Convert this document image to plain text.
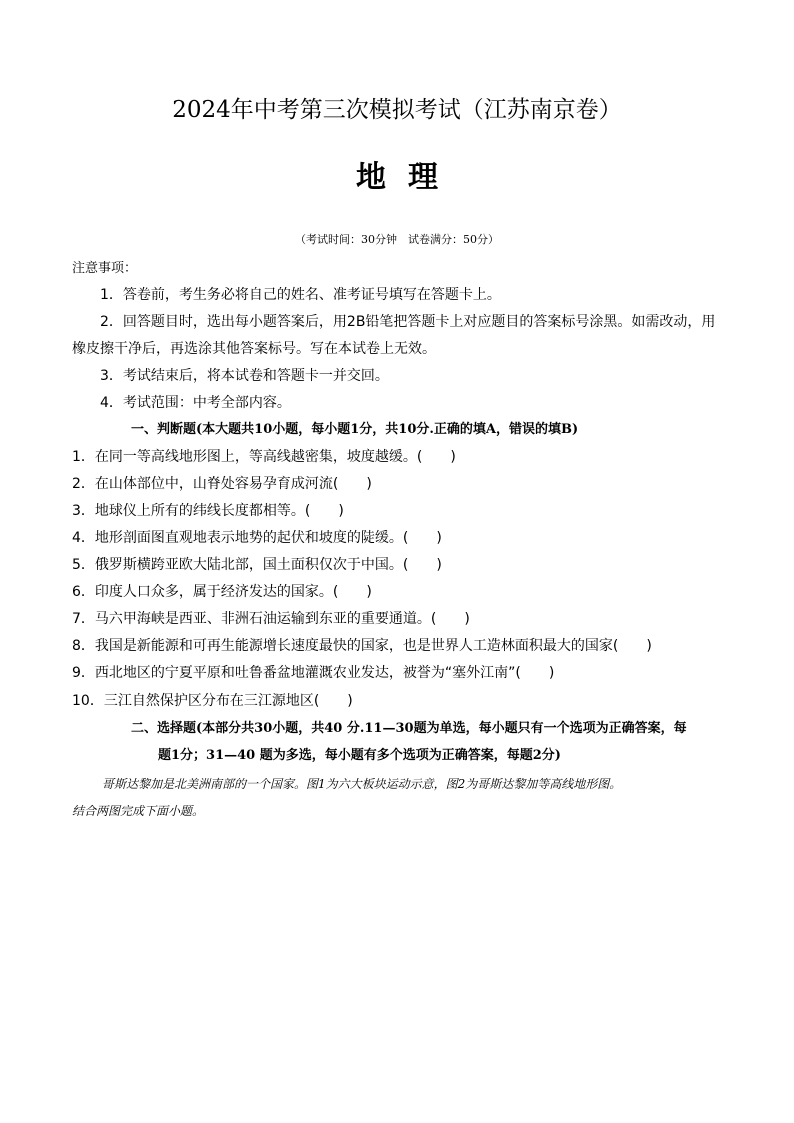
2024年中考第三次模拟考试（江苏南京卷）
地理
（考试时间：30分钟　试卷满分：50分）
注意事项：
1．答卷前，考生务必将自己的姓名、准考证号填写在答题卡上。
2．回答题目时，选出每小题答案后，用2B铅笔把答题卡上对应题目的答案标号涂黑。如需改动，用
橡皮擦干净后，再选涂其他答案标号。写在本试卷上无效。
3．考试结束后，将本试卷和答题卡一并交回。
4．考试范围：中考全部内容。
一、判断题(本大题共10小题，每小题1分，共10分.正确的填A，错误的填B)
1．在同一等高线地形图上，等高线越密集，坡度越缓。(　　)
2．在山体部位中，山脊处容易孕育成河流(　　)
3．地球仪上所有的纬线长度都相等。(　　)
4．地形剖面图直观地表示地势的起伏和坡度的陡缓。(　　)
5．俄罗斯横跨亚欧大陆北部，国土面积仅次于中国。(　　)
6．印度人口众多，属于经济发达的国家。(　　)
7．马六甲海峡是西亚、非洲石油运输到东亚的重要通道。(　　)
8．我国是新能源和可再生能源增长速度最快的国家，也是世界人工造林面积最大的国家(　　)
9．西北地区的宁夏平原和吐鲁番盆地灌溉农业发达，被誉为“塞外江南”(　　)
10．三江自然保护区分布在三江源地区(　　)
二、选择题(本部分共30小题，共40 分.11—30题为单选，每小题只有一个选项为正确答案，每
题1分；31—40 题为多选，每小题有多个选项为正确答案，每题2分)
哥斯达黎加是北美洲南部的一个国家。图1为六大板块运动示意，图2为哥斯达黎加等高线地形图。
结合两图完成下面小题。
